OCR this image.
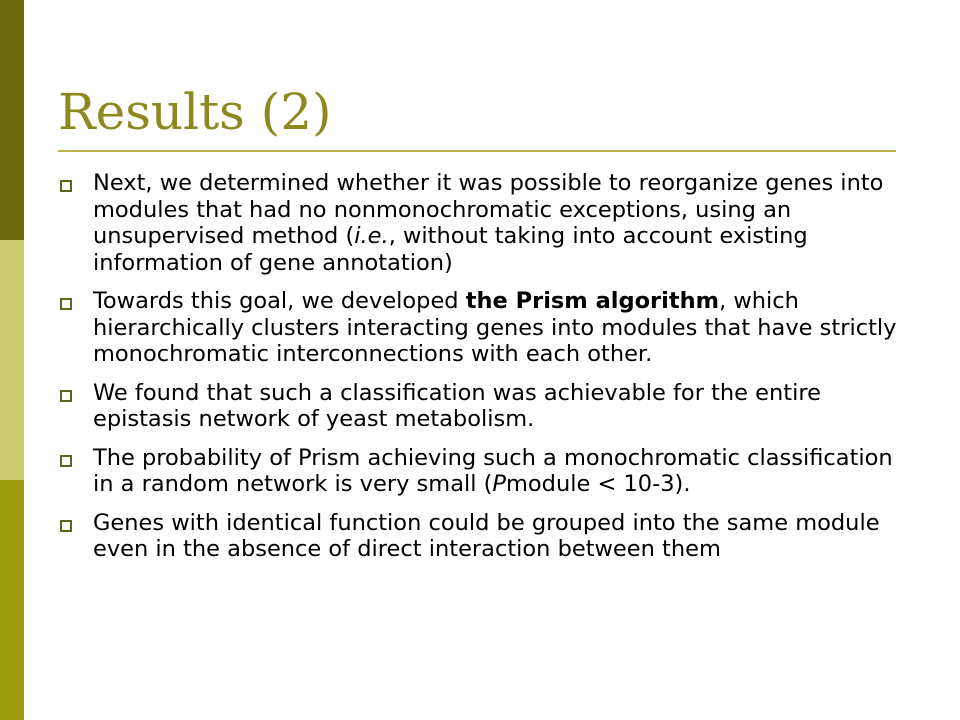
Results (2)
Next, we determined whether it was possible to reorganize genes into modules that had no nonmonochromatic exceptions, using an unsupervised method (i.e., without taking into account existing information of gene annotation)
Towards this goal, we developed the Prism algorithm, which hierarchically clusters interacting genes into modules that have strictly monochromatic interconnections with each other.
We found that such a classification was achievable for the entire epistasis network of yeast metabolism.
The probability of Prism achieving such a monochromatic classification in a random network is very small (Pmodule < 10-3).
Genes with identical function could be grouped into the same module even in the absence of direct interaction between them
